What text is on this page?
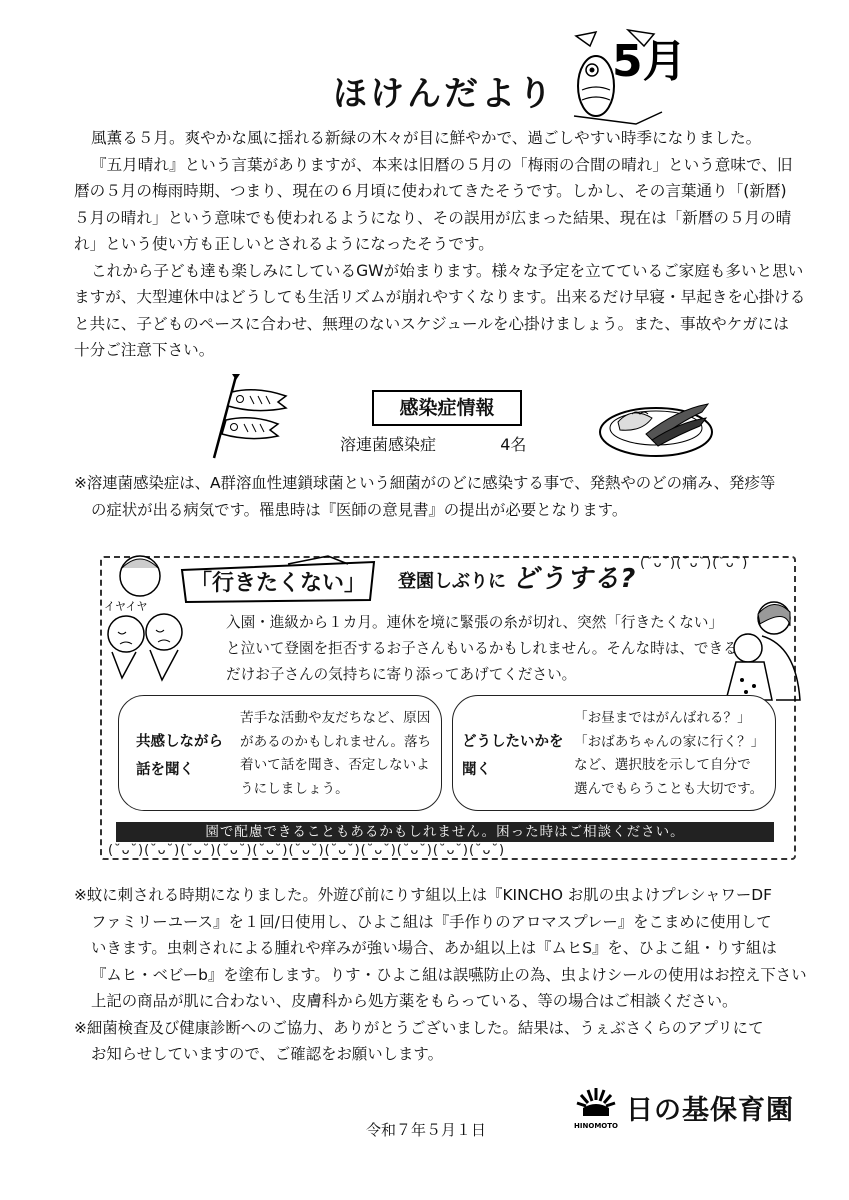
ほけんだより
5月
風薫る５月。爽やかな風に揺れる新緑の木々が目に鮮やかで、過ごしやすい時季になりました。
『五月晴れ』という言葉がありますが、本来は旧暦の５月の「梅雨の合間の晴れ」という意味で、旧
暦の５月の梅雨時期、つまり、現在の６月頃に使われてきたそうです。しかし、その言葉通り「(新暦)
５月の晴れ」という意味でも使われるようになり、その誤用が広まった結果、現在は「新暦の５月の晴
れ」という使い方も正しいとされるようになったそうです。
これから子ども達も楽しみにしているGWが始まります。様々な予定を立てているご家庭も多いと思い
ますが、大型連休中はどうしても生活リズムが崩れやすくなります。出来るだけ早寝・早起きを心掛ける
と共に、子どものペースに合わせ、無理のないスケジュールを心掛けましょう。また、事故やケガには
十分ご注意下さい。
感染症情報
溶連菌感染症	4名
※溶連菌感染症は、A群溶血性連鎖球菌という細菌がのどに感染する事で、発熱やのどの痛み、発疹等
の症状が出る病気です。罹患時は『医師の意見書』の提出が必要となります。
「行きたくない」 登園しぶりに どうする?
(˘ᴗ˘)(˘ᴗ˘)(˘ᴗ˘)
イヤイヤ
入園・進級から１カ月。連休を境に緊張の糸が切れ、突然「行きたくない」
と泣いて登園を拒否するお子さんもいるかもしれません。そんな時は、できる
だけお子さんの気持ちに寄り添ってあげてください。
共感しながら
話を聞く
苦手な活動や友だちなど、原因
があるのかもしれません。落ち
着いて話を聞き、否定しないよ
うにしましょう。
どうしたいかを
聞く
「お昼まではがんばれる？」
「おばあちゃんの家に行く？」
など、選択肢を示して自分で
選んでもらうことも大切です。
園で配慮できることもあるかもしれません。困った時はご相談ください。
(˘ᴗ˘)(˘ᴗ˘)(˘ᴗ˘)(˘ᴗ˘)(˘ᴗ˘)(˘ᴗ˘)(˘ᴗ˘)(˘ᴗ˘)(˘ᴗ˘)(˘ᴗ˘)(˘ᴗ˘)
※蚊に刺される時期になりました。外遊び前にりす組以上は『KINCHO お肌の虫よけプレシャワーDF
ファミリーユース』を１回/日使用し、ひよこ組は『手作りのアロマスプレー』をこまめに使用して
いきます。虫刺されによる腫れや痒みが強い場合、あか組以上は『ムヒS』を、ひよこ組・りす組は
『ムヒ・ベビーb』を塗布します。りす・ひよこ組は誤嚥防止の為、虫よけシールの使用はお控え下さい
上記の商品が肌に合わない、皮膚科から処方薬をもらっている、等の場合はご相談ください。
※細菌検査及び健康診断へのご協力、ありがとうございました。結果は、うぇぶさくらのアプリにて
お知らせしていますので、ご確認をお願いします。
令和７年５月１日	HINOMOTO 日の基保育園
